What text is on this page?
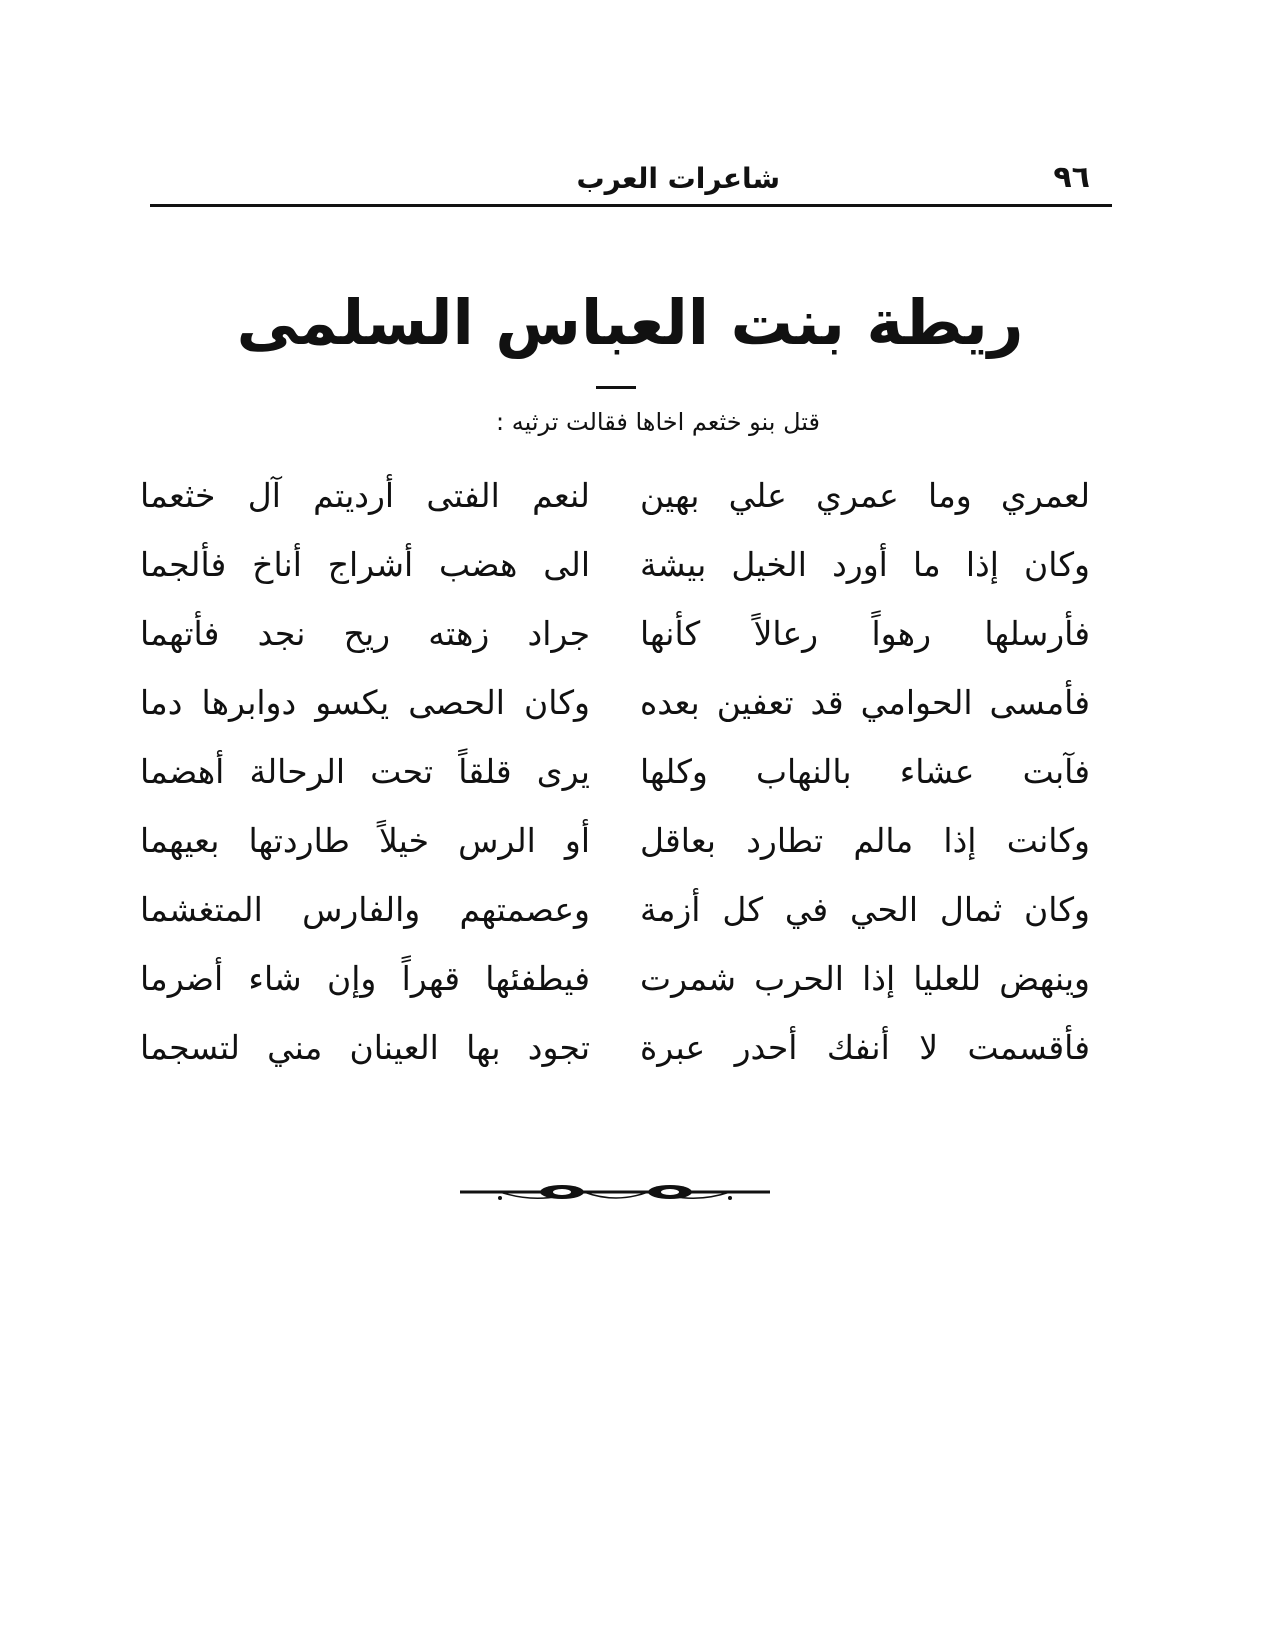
٩٦
شاعرات العرب
ريطة بنت العباس السلمى
قتل بنو خثعم اخاها فقالت ترثيه :
لعمري وما عمري علي بهين
لنعم الفتى أرديتم آل خثعما
وكان إذا ما أورد الخيل بيشة
الى هضب أشراج أناخ فألجما
فأرسلها رهواً رعالاً كأنها
جراد زهته ريح نجد فأتهما
فأمسى الحوامي قد تعفين بعده
وكان الحصى يكسو دوابرها دما
فآبت عشاء بالنهاب وكلها
يرى قلقاً تحت الرحالة أهضما
وكانت إذا مالم تطارد بعاقل
أو الرس خيلاً طاردتها بعيهما
وكان ثمال الحي في كل أزمة
وعصمتهم والفارس المتغشما
وينهض للعليا إذا الحرب شمرت
فيطفئها قهراً وإن شاء أضرما
فأقسمت لا أنفك أحدر عبرة
تجود بها العينان مني لتسجما
